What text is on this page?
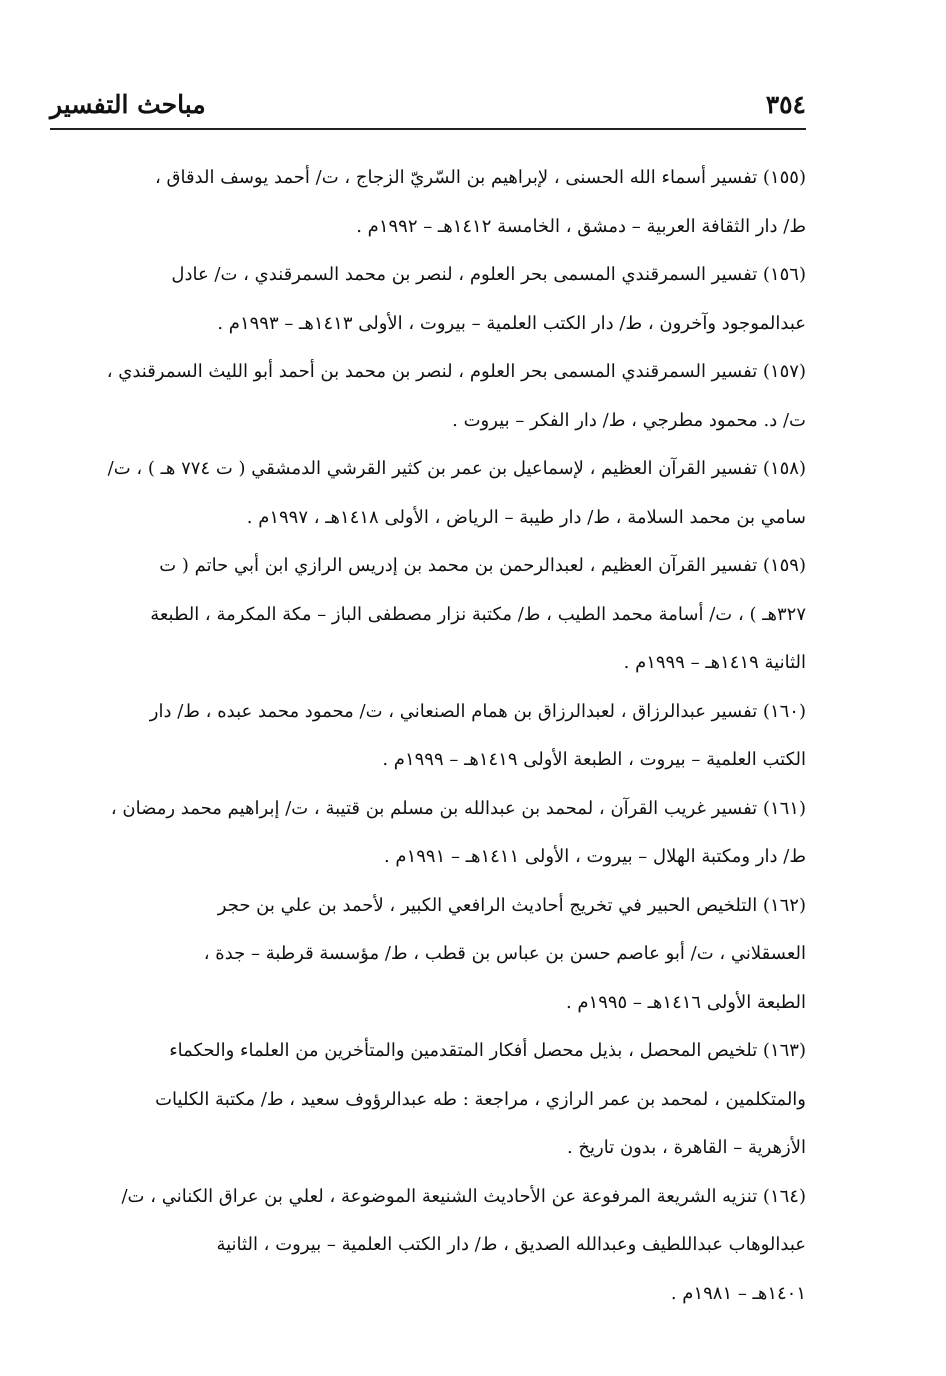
٣٥٤
مباحث التفسير
(١٥٥) تفسير أسماء الله الحسنى ، لإبراهيم بن السّريّ الزجاج ، ت/ أحمد يوسف الدقاق ،
ط/ دار الثقافة العربية – دمشق ، الخامسة ١٤١٢هـ – ١٩٩٢م .
(١٥٦) تفسير السمرقندي المسمى بحر العلوم ، لنصر بن محمد السمرقندي ، ت/ عادل
عبدالموجود وآخرون ، ط/ دار الكتب العلمية – بيروت ، الأولى ١٤١٣هـ – ١٩٩٣م .
(١٥٧) تفسير السمرقندي المسمى بحر العلوم ، لنصر بن محمد بن أحمد أبو الليث السمرقندي ،
ت/ د. محمود مطرجي ، ط/ دار الفكر – بيروت .
(١٥٨) تفسير القرآن العظيم ، لإسماعيل بن عمر بن كثير القرشي الدمشقي ( ت ٧٧٤ هـ ) ، ت/
سامي بن محمد السلامة ، ط/ دار طيبة – الرياض ، الأولى ١٤١٨هـ ، ١٩٩٧م .
(١٥٩) تفسير القرآن العظيم ، لعبدالرحمن بن محمد بن إدريس الرازي ابن أبي حاتم ( ت
٣٢٧هـ ) ، ت/ أسامة محمد الطيب ، ط/ مكتبة نزار مصطفى الباز – مكة المكرمة ، الطبعة
الثانية ١٤١٩هـ – ١٩٩٩م .
(١٦٠) تفسير عبدالرزاق ، لعبدالرزاق بن همام الصنعاني ، ت/ محمود محمد عبده ، ط/ دار
الكتب العلمية – بيروت ، الطبعة الأولى ١٤١٩هـ – ١٩٩٩م .
(١٦١) تفسير غريب القرآن ، لمحمد بن عبدالله بن مسلم بن قتيبة ، ت/ إبراهيم محمد رمضان ،
ط/ دار ومكتبة الهلال – بيروت ، الأولى ١٤١١هـ – ١٩٩١م .
(١٦٢) التلخيص الحبير في تخريج أحاديث الرافعي الكبير ، لأحمد بن علي بن حجر
العسقلاني ، ت/ أبو عاصم حسن بن عباس بن قطب ، ط/ مؤسسة قرطبة – جدة ،
الطبعة الأولى ١٤١٦هـ – ١٩٩٥م .
(١٦٣) تلخيص المحصل ، بذيل محصل أفكار المتقدمين والمتأخرين من العلماء والحكماء
والمتكلمين ، لمحمد بن عمر الرازي ، مراجعة : طه عبدالرؤوف سعيد ، ط/ مكتبة الكليات
الأزهرية – القاهرة ، بدون تاريخ .
(١٦٤) تنزيه الشريعة المرفوعة عن الأحاديث الشنيعة الموضوعة ، لعلي بن عراق الكناني ، ت/
عبدالوهاب عبداللطيف وعبدالله الصديق ، ط/ دار الكتب العلمية – بيروت ، الثانية
١٤٠١هـ – ١٩٨١م .
